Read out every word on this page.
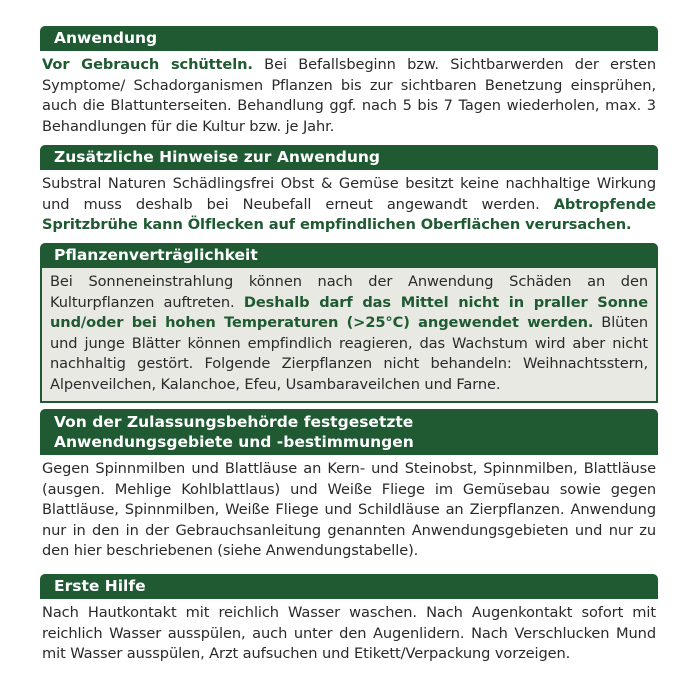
Anwendung
Vor Gebrauch schütteln. Bei Befallsbeginn bzw. Sichtbarwerden der ersten Symptome/ Schadorganismen Pflanzen bis zur sichtbaren Benetzung einsprühen, auch die Blattunterseiten. Behandlung ggf. nach 5 bis 7 Tagen wiederholen, max. 3 Behandlungen für die Kultur bzw. je Jahr.
Zusätzliche Hinweise zur Anwendung
Substral Naturen Schädlingsfrei Obst & Gemüse besitzt keine nachhaltige Wirkung und muss deshalb bei Neubefall erneut angewandt werden. Abtropfende Spritzbrühe kann Ölflecken auf empfindlichen Oberflächen verursachen.
Pflanzenverträglichkeit
Bei Sonneneinstrahlung können nach der Anwendung Schäden an den Kulturpflanzen auftreten. Deshalb darf das Mittel nicht in praller Sonne und/oder bei hohen Temperaturen (>25°C) angewendet werden. Blüten und junge Blätter können empfindlich reagieren, das Wachstum wird aber nicht nachhaltig gestört. Folgende Zierpflanzen nicht behandeln: Weihnachtsstern, Alpenveilchen, Kalanchoe, Efeu, Usambaraveilchen und Farne.
Von der Zulassungsbehörde festgesetzte
Anwendungsgebiete und -bestimmungen
Gegen Spinnmilben und Blattläuse an Kern- und Steinobst, Spinnmilben, Blattläuse (ausgen. Mehlige Kohlblattlaus) und Weiße Fliege im Gemüsebau sowie gegen Blattläuse, Spinnmilben, Weiße Fliege und Schildläuse an Zierpflanzen. Anwendung nur in den in der Gebrauchsanleitung genannten Anwendungsgebieten und nur zu den hier beschriebenen (siehe Anwendungstabelle).
Erste Hilfe
Nach Hautkontakt mit reichlich Wasser waschen. Nach Augenkontakt sofort mit reichlich Wasser ausspülen, auch unter den Augenlidern. Nach Verschlucken Mund mit Wasser ausspülen, Arzt aufsuchen und Etikett/Verpackung vorzeigen.
